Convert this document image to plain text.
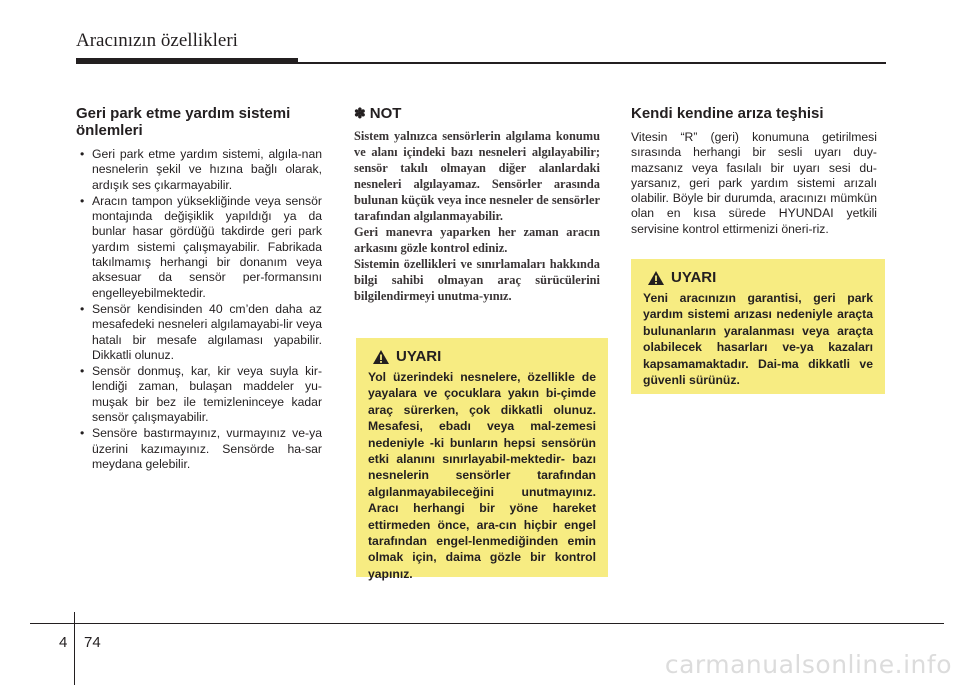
Aracınızın özellikleri
Geri park etme yardım sistemi önlemleri
• Geri park etme yardım sistemi, algıla-nan nesnelerin şekil ve hızına bağlı olarak, ardışık ses çıkarmayabilir.
• Aracın tampon yüksekliğinde veya sensör montajında değişiklik yapıldığı ya da bunlar hasar gördüğü takdirde geri park yardım sistemi çalışmayabilir. Fabrikada takılmamış herhangi bir donanım veya aksesuar da sensör per-formansını engelleyebilmektedir.
• Sensör kendisinden 40 cm’den daha az mesafedeki nesneleri algılamayabi-lir veya hatalı bir mesafe algılaması yapabilir. Dikkatli olunuz.
• Sensör donmuş, kar, kir veya suyla kir-lendiği zaman, bulaşan maddeler yu-muşak bir bez ile temizleninceye kadar sensör çalışmayabilir.
• Sensöre bastırmayınız, vurmayınız ve-ya üzerini kazımayınız. Sensörde ha-sar meydana gelebilir.
✽ NOT

Sistem yalnızca sensörlerin algılama konumu ve alanı içindeki bazı nesneleri algılayabilir; sensör takılı olmayan diğer alanlardaki nesneleri algılayamaz. Sensörler arasında bulunan küçük veya ince nesneler de sensörler tarafından algılanmayabilir.

Geri manevra yaparken her zaman aracın arkasını gözle kontrol ediniz.

Sistemin özellikleri ve sınırlamaları hakkında bilgi sahibi olmayan araç sürücülerini bilgilendirmeyi unutma-yınız.

UYARI

Yol üzerindeki nesnelere, özellikle de yayalara ve çocuklara yakın bi-çimde araç sürerken, çok dikkatli olunuz. Mesafesi, ebadı veya mal-zemesi nedeniyle -ki bunların hepsi sensörün etki alanını sınırlayabil-mektedir- bazı nesnelerin sensörler tarafından algılanmayabileceğini unutmayınız. Aracı herhangi bir yöne hareket ettirmeden önce, ara-cın hiçbir engel tarafından engel-lenmediğinden emin olmak için, daima gözle bir kontrol yapınız.

Kendi kendine arıza teşhisi

Vitesin “R” (geri) konumuna getirilmesi sırasında herhangi bir sesli uyarı duy-mazsanız veya fasılalı bir uyarı sesi du-yarsanız, geri park yardım sistemi arızalı olabilir. Böyle bir durumda, aracınızı mümkün olan en kısa sürede HYUNDAI yetkili servisine kontrol ettirmenizi öneri-riz.

UYARI

Yeni aracınızın garantisi, geri park yardım sistemi arızası nedeniyle araçta bulunanların yaralanması veya araçta olabilecek hasarları ve-ya kazaları kapsamamaktadır. Dai-ma dikkatli ve güvenli sürünüz.

4 74
carmanualsonline.info
